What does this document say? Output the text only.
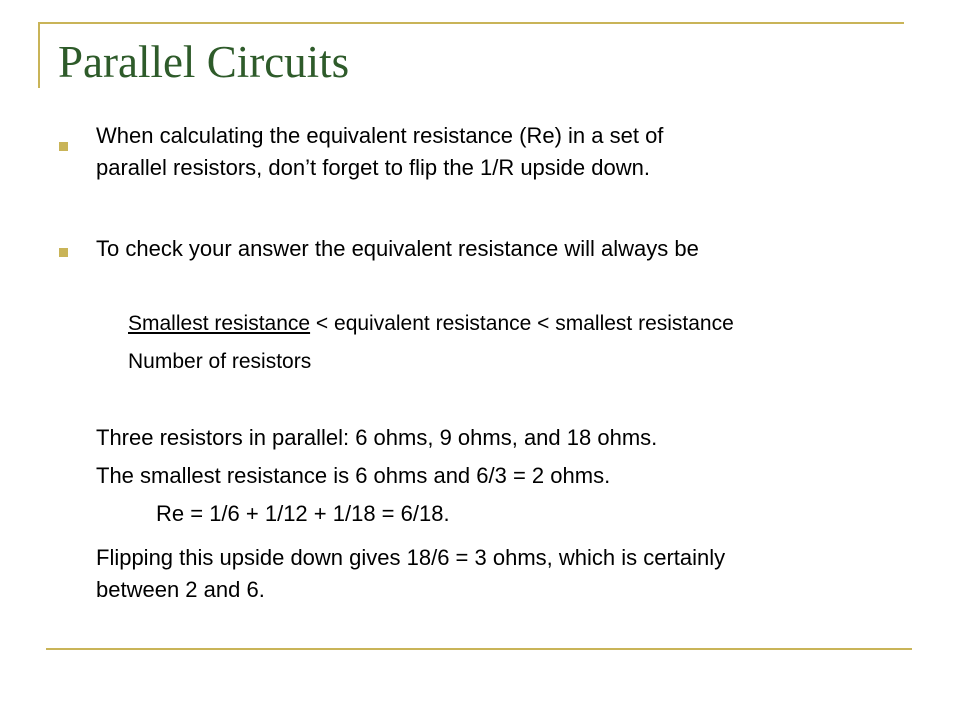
Parallel Circuits
When calculating the equivalent resistance (Re) in a set of
parallel resistors, don’t forget to flip the 1/R upside down.
To check your answer the equivalent resistance will always be
Smallest resistance < equivalent resistance < smallest resistance
Number of resistors
Three resistors in parallel: 6 ohms, 9 ohms, and 18 ohms.
The smallest resistance is 6 ohms and 6/3 = 2 ohms.
Re = 1/6 + 1/12 + 1/18 = 6/18.
Flipping this upside down gives 18/6 = 3 ohms, which is certainly
between 2 and 6.
